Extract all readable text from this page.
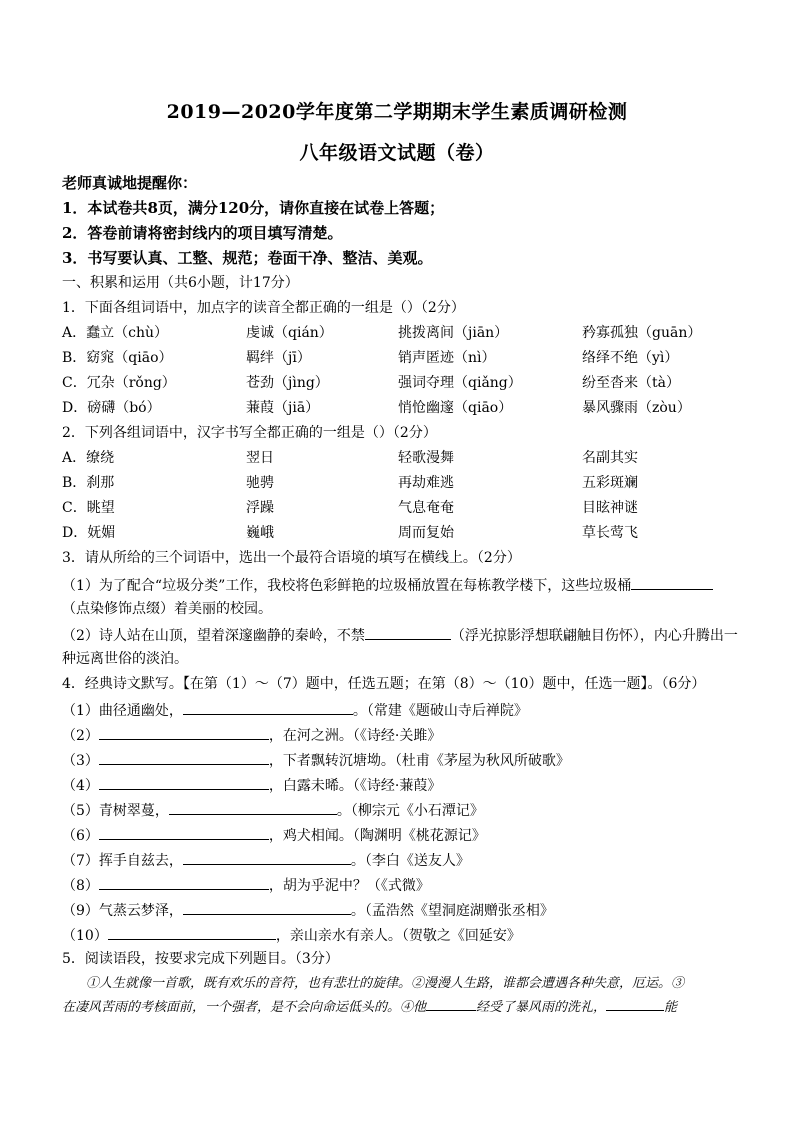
2019—2020学年度第二学期期末学生素质调研检测
八年级语文试题（卷）
老师真诚地提醒你：
1．本试卷共8页，满分120分，请你直接在试卷上答题；
2．答卷前请将密封线内的项目填写清楚。
3．书写要认真、工整、规范；卷面干净、整洁、美观。
一、积累和运用（共6小题，计17分）
1．下面各组词语中，加点字的读音全都正确的一组是（）（2分）
A．蠢立（chù）	虔诚（qián）	挑拨离间（jiān）	矜寡孤独（guān）
B．窈窕（qiāo）	羁绊（jī）	销声匿迹（nì）	络绎不绝（yì）
C．冗杂（rǒng）	苍劲（jìng）	强词夺理（qiǎng）	纷至沓来（tà）
D．磅礴（bó）	蒹葭（jiā）	悄怆幽邃（qiāo）	暴风骤雨（zòu）
2．下列各组词语中，汉字书写全都正确的一组是（）（2分）
A．缭绕	翌日	轻歌漫舞	名副其实
B．刹那	驰骋	再劫难逃	五彩斑斓
C．眺望	浮躁	气息奄奄	目眩神谜
D．妩媚	巍峨	周而复始	草长莺飞
3．请从所给的三个词语中，选出一个最符合语境的填写在横线上。（2分）
（1）为了配合“垃圾分类”工作，我校将色彩鲜艳的垃圾桶放置在每栋教学楼下，这些垃圾桶
（点染修饰点缀）着美丽的校园。
（2）诗人站在山顶，望着深邃幽静的秦岭，不禁	（浮光掠影浮想联翩触目伤怀），内心升腾出一
种远离世俗的淡泊。
4．经典诗文默写。【在第（1）～（7）题中，任选五题；在第（8）～（10）题中，任选一题】。（6分）
（1）曲径通幽处，	。（常建《题破山寺后禅院》
（2）	，在河之洲。（《诗经·关雎》
（3）	，下者飘转沉塘坳。（杜甫《茅屋为秋风所破歌》
（4）	，白露未晞。（《诗经·蒹葭》
（5）青树翠蔓，	。（柳宗元《小石潭记》
（6）	，鸡犬相闻。（陶渊明《桃花源记》
（7）挥手自兹去，	。（李白《送友人》
（8）	，胡为乎泥中？（《式微》
（9）气蒸云梦泽，	。（孟浩然《望洞庭湖赠张丞相》
（10）	，亲山亲水有亲人。（贺敬之《回延安》
5．阅读语段，按要求完成下列题目。（3分）
①人生就像一首歌，既有欢乐的音符，也有悲壮的旋律。②漫漫人生路，谁都会遭遇各种失意，厄运。③
在凄风苦雨的考核面前，一个强者，是不会向命运低头的。④他	经受了暴风雨的洗礼，	能
